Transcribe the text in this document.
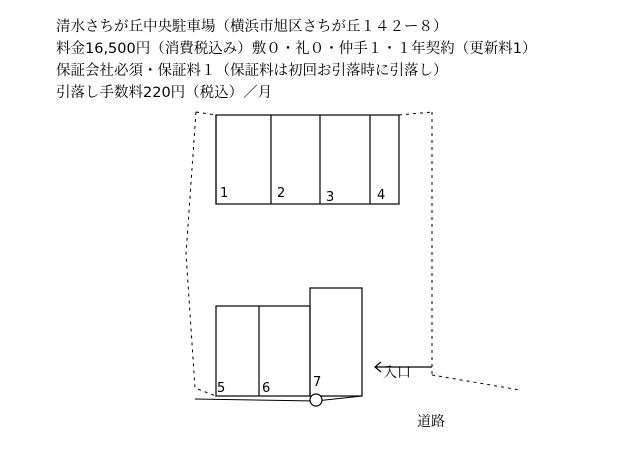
清水さちが丘中央駐車場（横浜市旭区さちが丘１４２ー８）
料金16,500円（消費税込み）敷０・礼０・仲手１・１年契約（更新料1）
保証会社必須・保証料１（保証料は初回お引落時に引落し）
引落し手数料220円（税込）／月
1	2	3	4
5	6	7
入口
道路
